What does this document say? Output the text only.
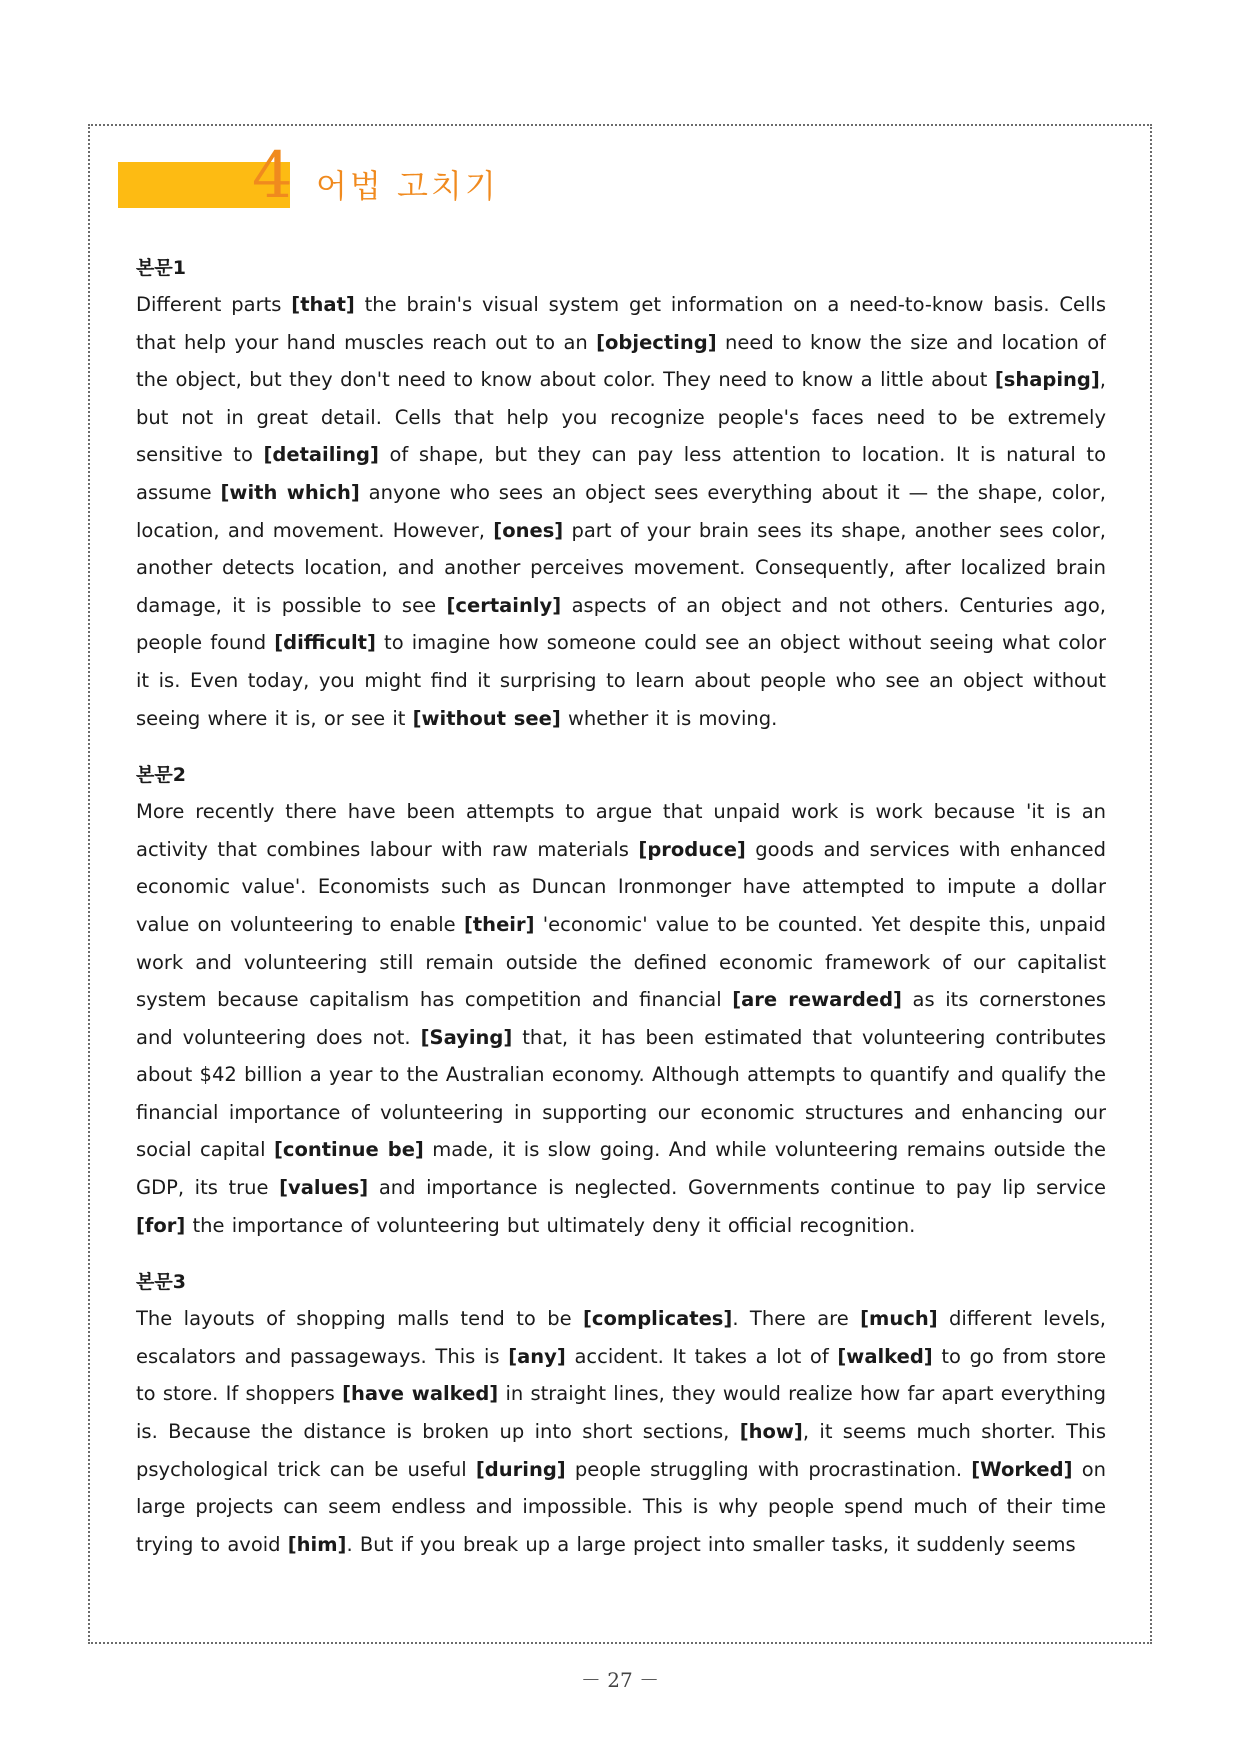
4 어법 고치기
본문1

Different parts [that] the brain's visual system get information on a need-to-know basis. Cells that help your hand muscles reach out to an [objecting] need to know the size and location of the object, but they don't need to know about color. They need to know a little about [shaping], but not in great detail. Cells that help you recognize people's faces need to be extremely sensitive to [detailing] of shape, but they can pay less attention to location. It is natural to assume [with which] anyone who sees an object sees everything about it — the shape, color, location, and movement. However, [ones] part of your brain sees its shape, another sees color, another detects location, and another perceives movement. Consequently, after localized brain damage, it is possible to see [certainly] aspects of an object and not others. Centuries ago, people found [difficult] to imagine how someone could see an object without seeing what color it is. Even today, you might find it surprising to learn about people who see an object without seeing where it is, or see it [without see] whether it is moving.

본문2

More recently there have been attempts to argue that unpaid work is work because 'it is an activity that combines labour with raw materials [produce] goods and services with enhanced economic value'. Economists such as Duncan Ironmonger have attempted to impute a dollar value on volunteering to enable [their] 'economic' value to be counted. Yet despite this, unpaid work and volunteering still remain outside the defined economic framework of our capitalist system because capitalism has competition and financial [are rewarded] as its cornerstones and volunteering does not. [Saying] that, it has been estimated that volunteering contributes about $42 billion a year to the Australian economy. Although attempts to quantify and qualify the financial importance of volunteering in supporting our economic structures and enhancing our social capital [continue be] made, it is slow going. And while volunteering remains outside the GDP, its true [values] and importance is neglected. Governments continue to pay lip service [for] the importance of volunteering but ultimately deny it official recognition.

본문3

The layouts of shopping malls tend to be [complicates]. There are [much] different levels, escalators and passageways. This is [any] accident. It takes a lot of [walked] to go from store to store. If shoppers [have walked] in straight lines, they would realize how far apart everything is. Because the distance is broken up into short sections, [how], it seems much shorter. This psychological trick can be useful [during] people struggling with procrastination. [Worked] on large projects can seem endless and impossible. This is why people spend much of their time trying to avoid [him]. But if you break up a large project into smaller tasks, it suddenly seems

－ 27 －
